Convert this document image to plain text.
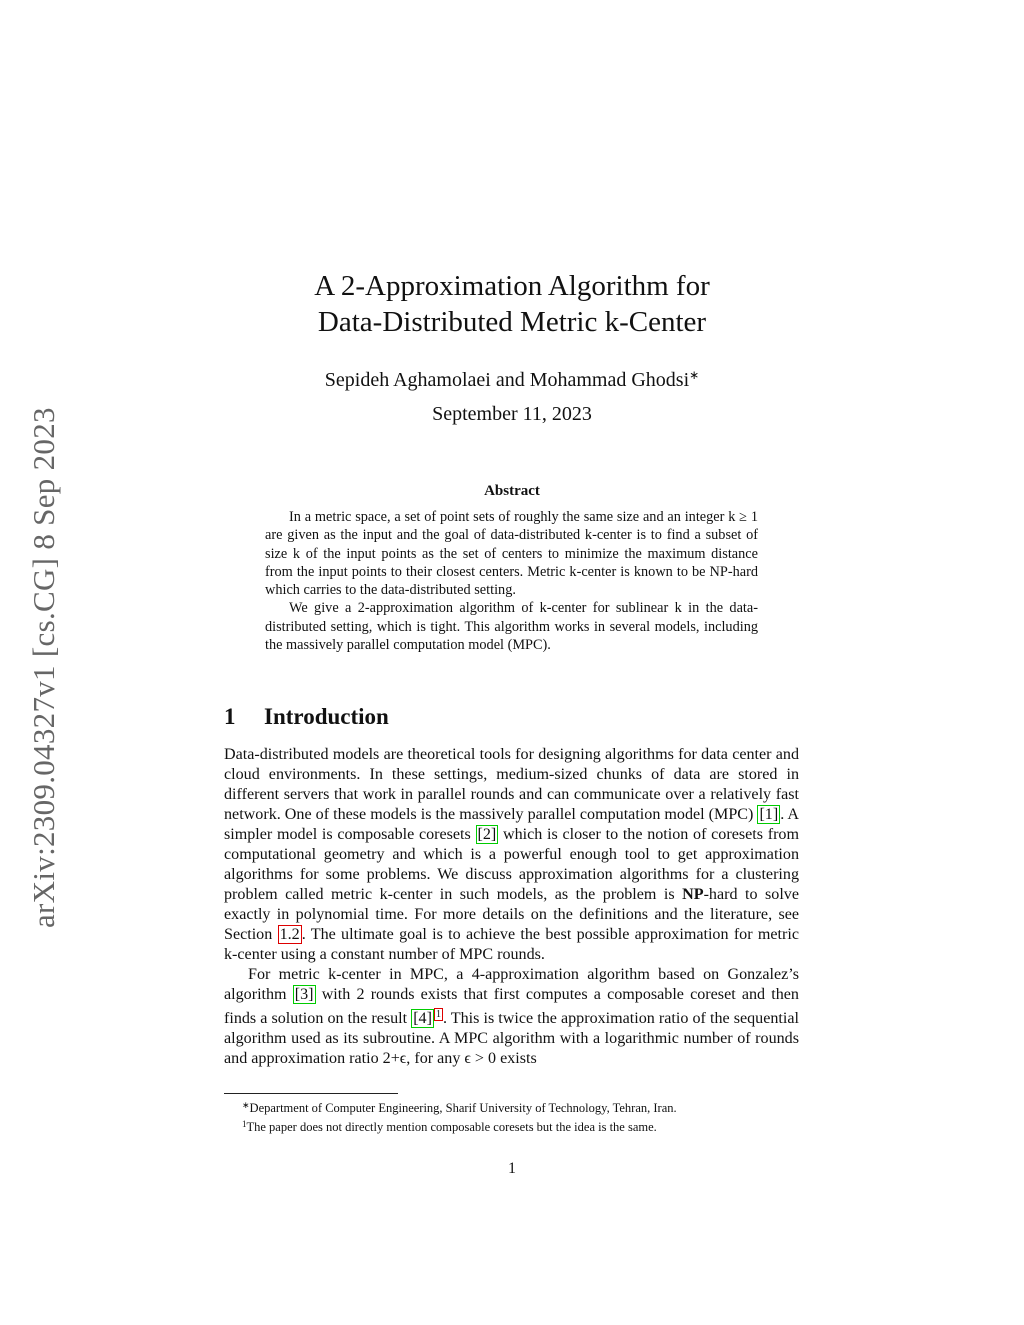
arXiv:2309.04327v1 [cs.CG] 8 Sep 2023
A 2-Approximation Algorithm for
Data-Distributed Metric k-Center
Sepideh Aghamolaei and Mohammad Ghodsi∗
September 11, 2023
Abstract

In a metric space, a set of point sets of roughly the same size and an integer k ≥ 1 are given as the input and the goal of data-distributed k-center is to find a subset of size k of the input points as the set of centers to minimize the maximum distance from the input points to their closest centers. Metric k-center is known to be NP-hard which carries to the data-distributed setting.

We give a 2-approximation algorithm of k-center for sublinear k in the data-distributed setting, which is tight. This algorithm works in several models, including the massively parallel computation model (MPC).

1 Introduction

Data-distributed models are theoretical tools for designing algorithms for data center and cloud environments. In these settings, medium-sized chunks of data are stored in different servers that work in parallel rounds and can communicate over a relatively fast network. One of these models is the massively parallel computation model (MPC) [1] . A simpler model is composable coresets [2] which is closer to the notion of coresets from computational geometry and which is a powerful enough tool to get approximation algorithms for some problems. We discuss approximation algorithms for a clustering problem called metric k-center in such models, as the problem is NP-hard to solve exactly in polynomial time. For more details on the definitions and the literature, see Section 1.2 . The ultimate goal is to achieve the best possible approximation for metric k-center using a constant number of MPC rounds.

For metric k-center in MPC, a 4-approximation algorithm based on Gonzalez’s algorithm [3] with 2 rounds exists that first computes a composable coreset and then finds a solution on the result [4] $^1$ . This is twice the approximation ratio of the sequential algorithm used as its subroutine. A MPC algorithm with a logarithmic number of rounds and approximation ratio 2+ϵ, for any ϵ > 0 exists

∗Department of Computer Engineering, Sharif University of Technology, Tehran, Iran.
$^1$The paper does not directly mention composable coresets but the idea is the same.
1
